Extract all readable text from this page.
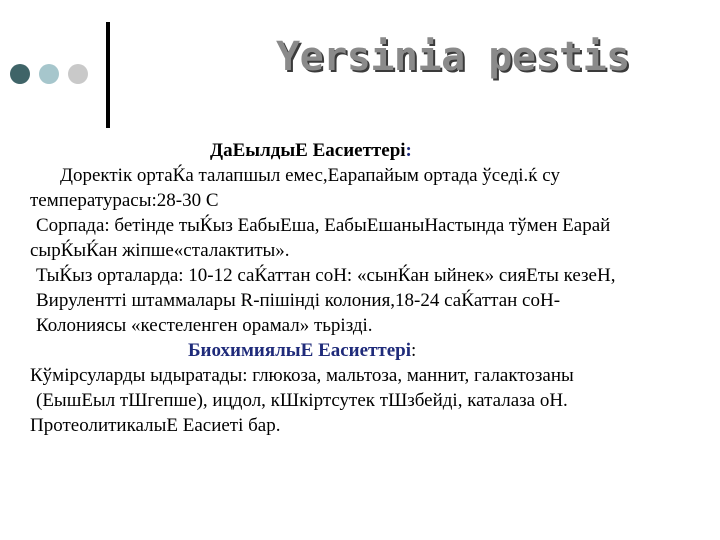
Yersinia pestis
ДаЕылдыЕ Еасиеттері:
Доректік ортаЌа талапшыл емес,Еарапайым ортада ўседі.ќ су
температурасы:28-30 С
Сорпада: бетінде тыЌыз ЕабыЕша, ЕабыЕшаныНастында тўмен Еарай
сырЌыЌан жіпше«сталактиты».
ТыЌыз орталарда: 10-12 саЌаттан соН: «сынЌан ыйнек» сияЕты кезеН,
Вирулентті штаммалары R-пішінді колония,18-24 саЌаттан соН-
Колониясы «кестеленген орамал» тьрізді.
БиохимиялыЕ Еасиеттері:
Кўмірсуларды ыдыратады: глюкоза, мальтоза, маннит, галактозаны
(ЕышЕыл тШгепше), ицдол, кШкіртсутек тШзбейді, каталаза оН.
ПротеолитикалыЕ Еасиеті бар.
